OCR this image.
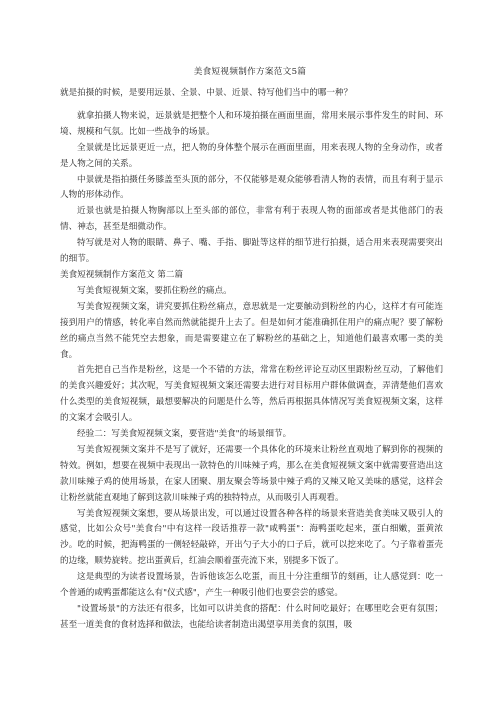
美食短视频制作方案范文5篇

就是拍摄的时候，是要用远景、全景、中景、近景、特写他们当中的哪一种？

就拿拍摄人物来说，远景就是把整个人和环境拍摄在画面里面，常用来展示事件发生的时间、环境、规模和气氛。比如一些战争的场景。

全景就是比远景更近一点，把人物的身体整个展示在画面里面，用来表现人物的全身动作，或者是人物之间的关系。

中景就是指拍摄任务膝盖至头顶的部分，不仅能够是观众能够看清人物的表情，而且有利于显示人物的形体动作。

近景也就是拍摄人物胸部以上至头部的部位，非常有利于表现人物的面部或者是其他部门的表情、神态，甚至是细微动作。

特写就是对人物的眼睛、鼻子、嘴、手指、脚趾等这样的细节进行拍摄，适合用来表现需要突出的细节。

美食短视频制作方案范文 第二篇

写美食短视频文案，要抓住粉丝的痛点。

写美食短视频文案，讲究要抓住粉丝痛点，意思就是一定要触动到粉丝的内心，这样才有可能连接到用户的情感，转化率自然而然就能提升上去了。但是如何才能准确抓住用户的痛点呢？要了解粉丝的痛点当然不能凭空去想象，而是需要建立在了解粉丝的基础之上，知道他们最喜欢哪一类的美食。

首先把自己当作是粉丝，这是一个不错的方法，常常在粉丝评论互动区里跟粉丝互动，了解他们的美食兴趣爱好；其次呢，写美食短视频文案还需要去进行对目标用户群体做调查，弄清楚他们喜欢什么类型的美食短视频，最想要解决的问题是什么等，然后再根据具体情况写美食短视频文案，这样的文案才会吸引人。

经验二：写美食短视频文案，要营造"美食"的场景细节。

写美食短视频文案并不是写了就好，还需要一个具体化的环境来让粉丝直观地了解到你的视频的特效。例如，想要在视频中表现出一款特色的川味辣子鸡，那么在美食短视频文案中就需要营造出这款川味辣子鸡的使用场景，在家人团聚、朋友聚会等场景中辣子鸡的又辣又呛又美味的感觉，这样会让粉丝就能直观地了解到这款川味辣子鸡的独特特点，从而吸引人再观看。

写美食短视频文案想，要从场景出发，可以通过设置各种各样的场景来营造美食美味又吸引人的感觉，比如公众号"美食台"中有这样一段话推荐一款"咸鸭蛋"：海鸭蛋吃起来，蛋白细嫩，蛋黄浓沙。吃的时候，把海鸭蛋的一侧轻轻敲碎，开出勺子大小的口子后，就可以挖来吃了。勺子靠着蛋壳的边缘，顺势旋转。挖出蛋黄后，红油会顺着蛋壳流下来，别提多下饭了。

这是典型的为读者设置场景，告诉他该怎么吃蛋，而且十分注重细节的刻画，让人感觉到：吃一个普通的咸鸭蛋都能这么有"仪式感"，产生一种吸引他们也要尝尝的感觉。

"设置场景"的方法还有很多，比如可以讲美食的搭配：什么时间吃最好；在哪里吃会更有氛围；甚至一道美食的食材选择和做法，也能给读者制造出渴望享用美食的氛围，吸
